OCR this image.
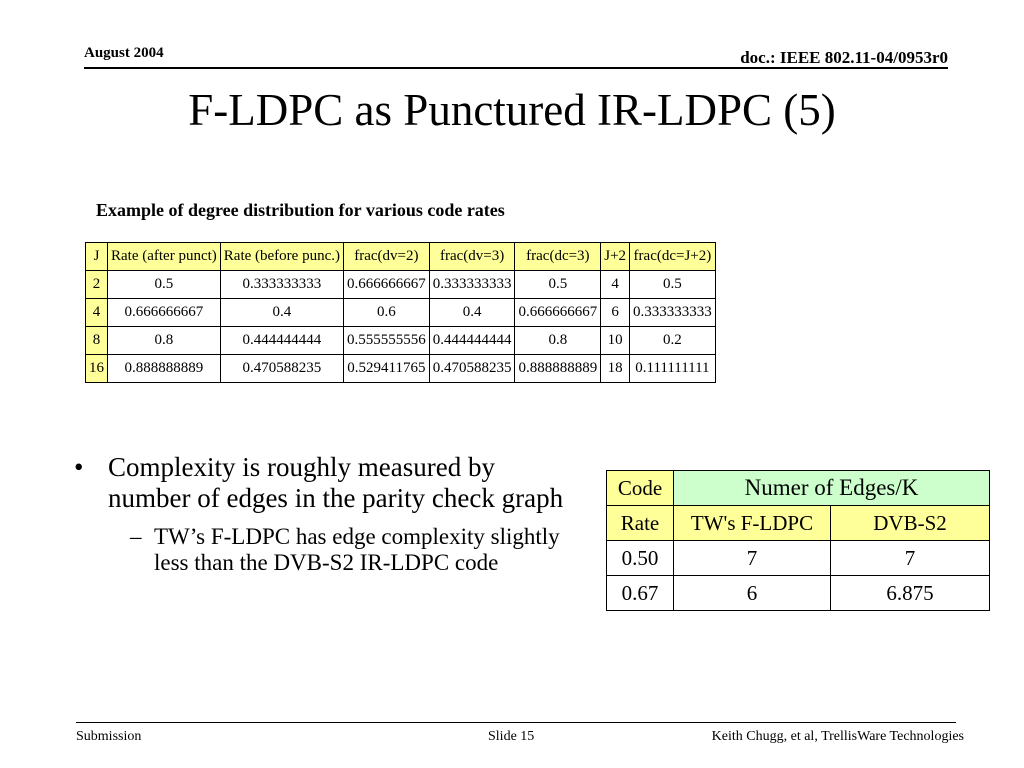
August 2004	doc.: IEEE 802.11-04/0953r0
F-LDPC as Punctured IR-LDPC (5)
Example of degree distribution for various code rates
J	Rate (after punct)	Rate (before punc.)	frac(dv=2)	frac(dv=3)	frac(dc=3)	J+2	frac(dc=J+2)
2	0.5	0.333333333	0.666666667	0.333333333	0.5	4	0.5
4	0.666666667	0.4	0.6	0.4	0.666666667	6	0.333333333
8	0.8	0.444444444	0.555555556	0.444444444	0.8	10	0.2
16	0.888888889	0.470588235	0.529411765	0.470588235	0.888888889	18	0.111111111
• Complexity is roughly measured by number of edges in the parity check graph
– TW’s F-LDPC has edge complexity slightly less than the DVB-S2 IR-LDPC code
Code	Numer of Edges/K	
Rate	TW's F-LDPC	DVB-S2
0.50	7	7
0.67	6	6.875
Submission	Slide 15	Keith Chugg, et al, TrellisWare Technologies
